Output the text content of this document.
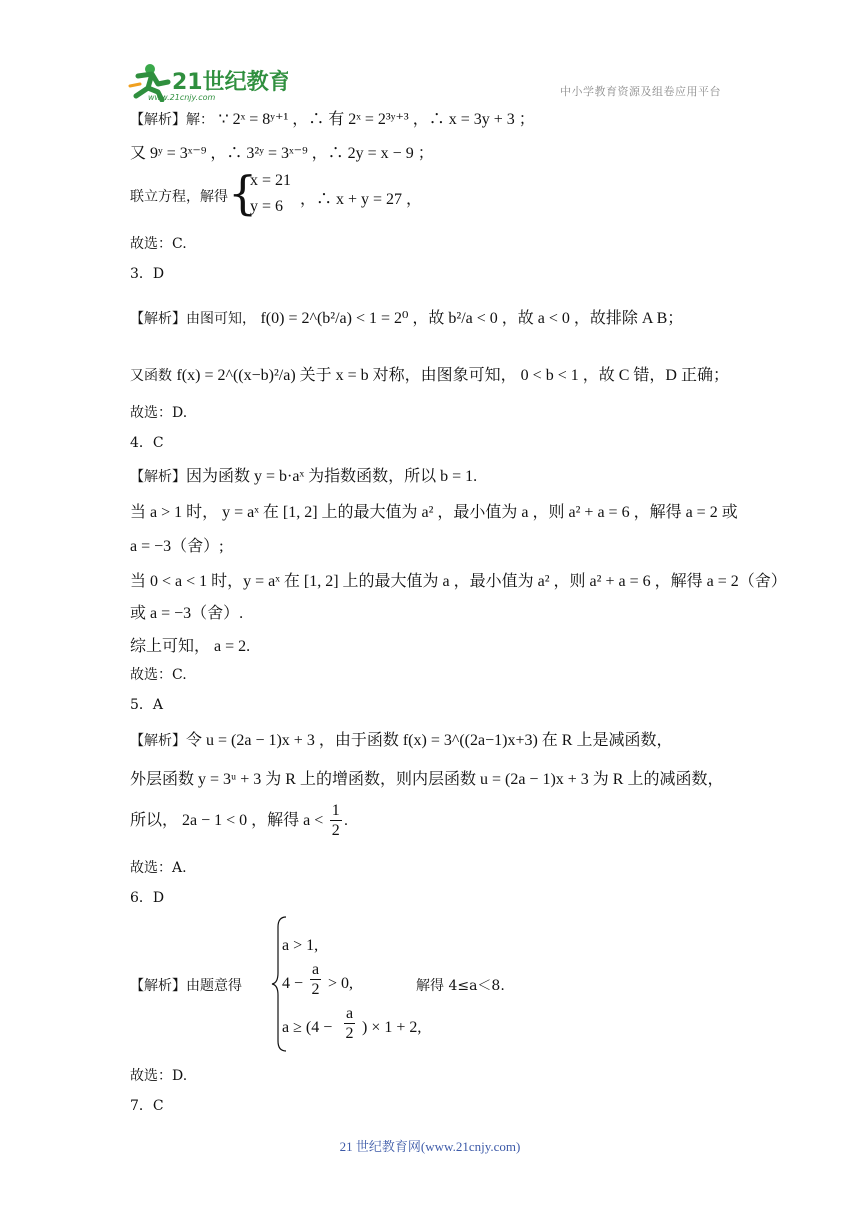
21世纪教育
www.21cnjy.com	中小学教育资源及组卷应用平台
【解析】解： ∵ 2ˣ = 8ʸ⁺¹ ，∴ 有 2ˣ = 2³ʸ⁺³ ，∴ x = 3y + 3 ；
又 9ʸ = 3ˣ⁻⁹ ，∴ 3²ʸ = 3ˣ⁻⁹ ，∴ 2y = x − 9 ；
联立方程，解得 {
x = 21
y = 6 ，∴ x + y = 27 ，
故选：C.
3．D
【解析】由图可知， f(0) = 2^(b²/a) < 1 = 2⁰ ，故 b²/a < 0 ，故 a < 0 ，故排除 A B；
又函数 f(x) = 2^((x−b)²/a) 关于 x = b 对称，由图象可知， 0 < b < 1 ，故 C 错，D 正确；
故选：D.
4．C
【解析】因为函数 y = b·aˣ 为指数函数，所以 b = 1.
当 a > 1 时， y = aˣ 在 [1, 2] 上的最大值为 a² ，最小值为 a ，则 a² + a = 6 ，解得 a = 2 或
a = −3（舍）;
当 0 < a < 1 时，y = aˣ 在 [1, 2] 上的最大值为 a ，最小值为 a² ，则 a² + a = 6 ，解得 a = 2（舍）
或 a = −3（舍）.
综上可知， a = 2.
故选：C.
5．A
【解析】令 u = (2a − 1)x + 3 ，由于函数 f(x) = 3^((2a−1)x+3) 在 R 上是减函数，
外层函数 y = 3ᵘ + 3 为 R 上的增函数，则内层函数 u = (2a − 1)x + 3 为 R 上的减函数，
所以， 2a − 1 < 0 ，解得 $a < \frac{1}{2}$ .
故选：A.
6．D
【解析】 由题意得
a > 1,
$4 - \frac{a}{2} > 0$,
$a \ge (4 - \frac{a}{2}$ ) × 1 + 2,
解得 4≤a＜8.
故选：D.
7．C
21 世纪教育网(www.21cnjy.com)
